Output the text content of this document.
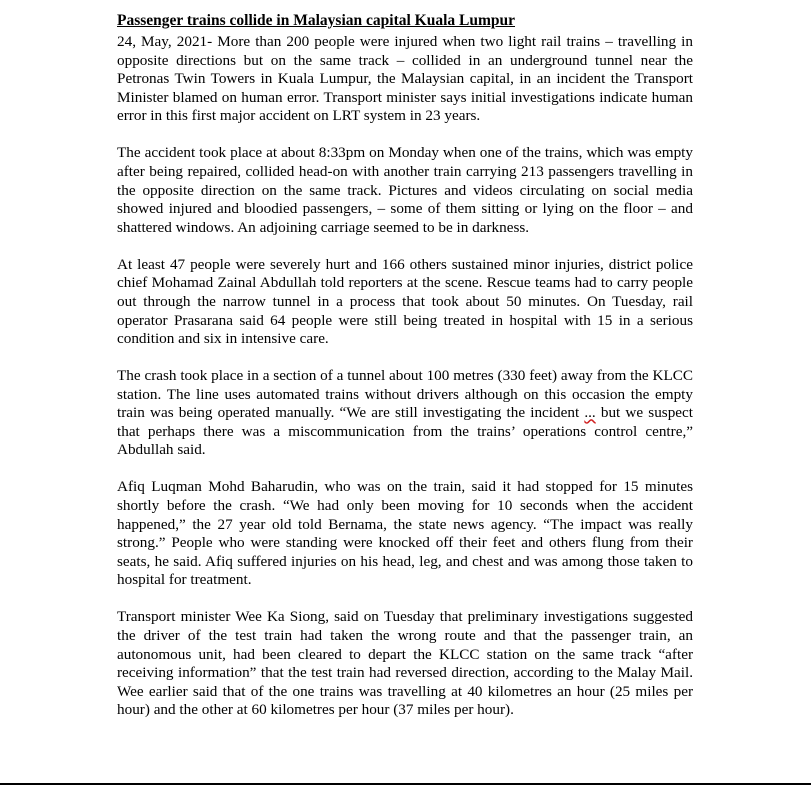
Passenger trains collide in Malaysian capital Kuala Lumpur

24, May, 2021- More than 200 people were injured when two light rail trains – travelling in opposite directions but on the same track – collided in an underground tunnel near the Petronas Twin Towers in Kuala Lumpur, the Malaysian capital, in an incident the Transport Minister blamed on human error. Transport minister says initial investigations indicate human error in this first major accident on LRT system in 23 years.

The accident took place at about 8:33pm on Monday when one of the trains, which was empty after being repaired, collided head-on with another train carrying 213 passengers travelling in the opposite direction on the same track. Pictures and videos circulating on social media showed injured and bloodied passengers, – some of them sitting or lying on the floor – and shattered windows. An adjoining carriage seemed to be in darkness.

At least 47 people were severely hurt and 166 others sustained minor injuries, district police chief Mohamad Zainal Abdullah told reporters at the scene. Rescue teams had to carry people out through the narrow tunnel in a process that took about 50 minutes. On Tuesday, rail operator Prasarana said 64 people were still being treated in hospital with 15 in a serious condition and six in intensive care.

The crash took place in a section of a tunnel about 100 metres (330 feet) away from the KLCC station. The line uses automated trains without drivers although on this occasion the empty train was being operated manually. “We are still investigating the incident ... but we suspect that perhaps there was a miscommunication from the trains’ operations control centre,” Abdullah said.

Afiq Luqman Mohd Baharudin, who was on the train, said it had stopped for 15 minutes shortly before the crash. “We had only been moving for 10 seconds when the accident happened,” the 27 year old told Bernama, the state news agency. “The impact was really strong.” People who were standing were knocked off their feet and others flung from their seats, he said. Afiq suffered injuries on his head, leg, and chest and was among those taken to hospital for treatment.

Transport minister Wee Ka Siong, said on Tuesday that preliminary investigations suggested the driver of the test train had taken the wrong route and that the passenger train, an autonomous unit, had been cleared to depart the KLCC station on the same track “after receiving information” that the test train had reversed direction, according to the Malay Mail. Wee earlier said that of the one trains was travelling at 40 kilometres an hour (25 miles per hour) and the other at 60 kilometres per hour (37 miles per hour).
